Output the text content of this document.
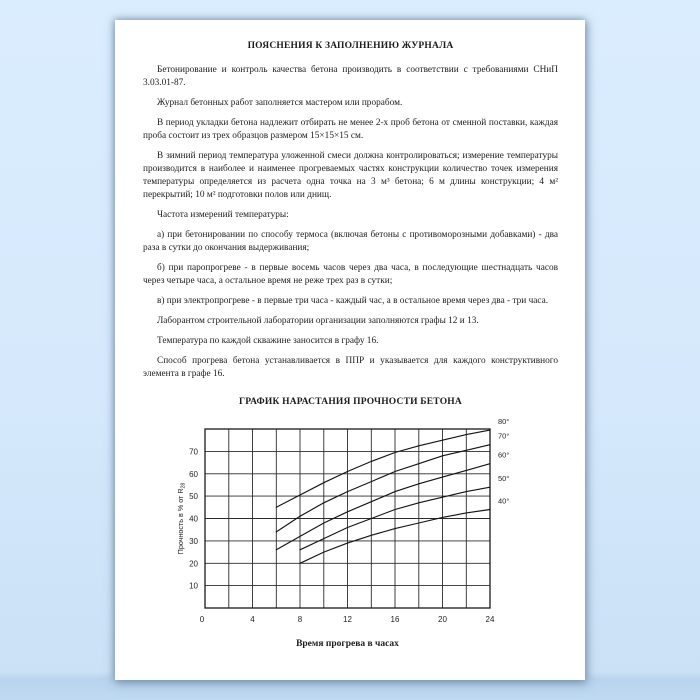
ПОЯСНЕНИЯ К ЗАПОЛНЕНИЮ ЖУРНАЛА

Бетонирование и контроль качества бетона производить в соответствии с требованиями СНиП 3.03.01-87.

Журнал бетонных работ заполняется мастером или прорабом.

В период укладки бетона надлежит отбирать не менее 2-х проб бетона от сменной поставки, каждая проба состоит из трех образцов размером 15×15×15 см.

В зимний период температура уложенной смеси должна контролироваться; измерение температуры производится в наиболее и наименее прогреваемых частях конструкции количество точек измерения температуры определяется из расчета одна точка на 3 м³ бетона; 6 м длины конструкции; 4 м² перекрытий; 10 м² подготовки полов или днищ.

Частота измерений температуры:

а) при бетонировании по способу термоса (включая бетоны с противоморозными добавками) - два раза в сутки до окончания выдерживания;

б) при паропрогреве - в первые восемь часов через два часа, в последующие шестнадцать часов через четыре часа, а остальное время не реже трех раз в сутки;

в) при электропрогреве - в первые три часа - каждый час, а в остальное время через два - три часа.

Лаборантом строительной лаборатории организации заполняются графы 12 и 13.

Температура по каждой скважине заносится в графу 16.

Способ прогрева бетона устанавливается в ППР и указывается для каждого конструктивного элемента в графе 16.

ГРАФИК НАРАСТАНИЯ ПРОЧНОСТИ БЕТОНА
10
20
30
40
50
60
70
0	4	8	12	16	20	24
80°
70°
60°
50°
40°
Прочность в % от $R_{28}$
Время прогрева в часах
